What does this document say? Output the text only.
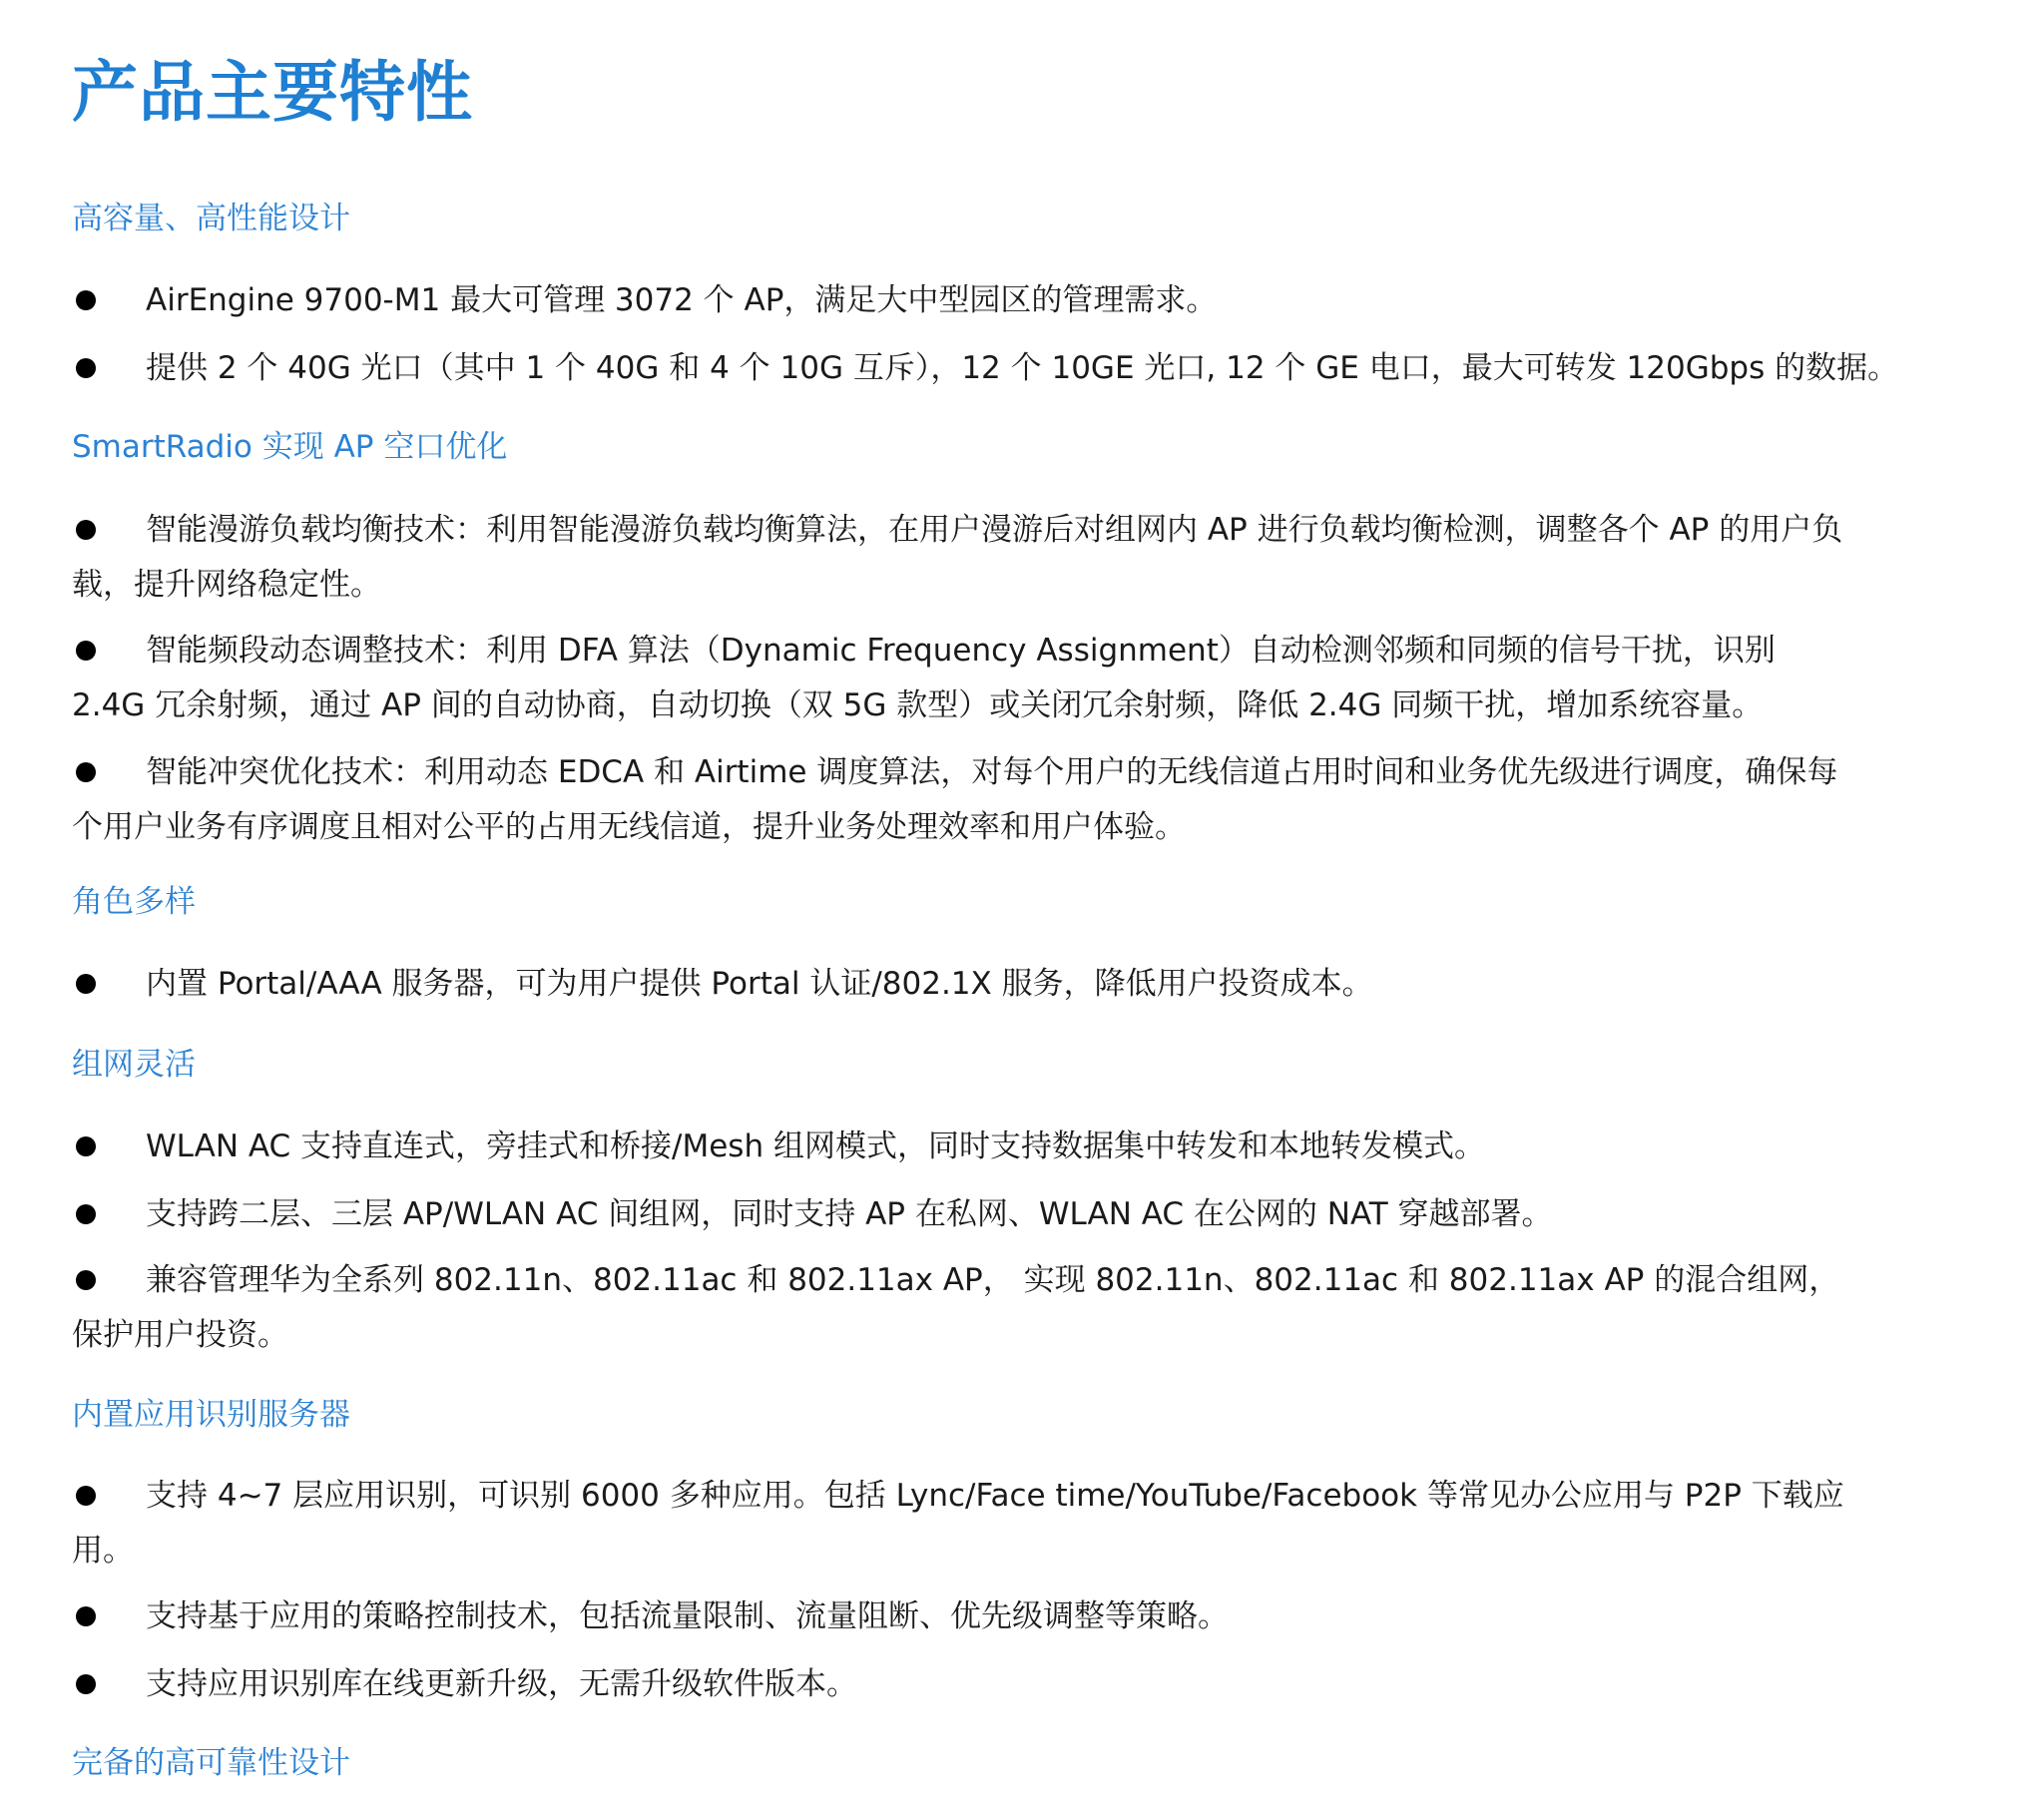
产品主要特性
高容量、高性能设计
AirEngine 9700-M1 最大可管理 3072 个 AP，满足大中型园区的管理需求。
提供 2 个 40G 光口（其中 1 个 40G 和 4 个 10G 互斥），12 个 10GE 光口, 12 个 GE 电口，最大可转发 120Gbps 的数据。
SmartRadio 实现 AP 空口优化
智能漫游负载均衡技术：利用智能漫游负载均衡算法，在用户漫游后对组网内 AP 进行负载均衡检测，调整各个 AP 的用户负载，提升网络稳定性。
智能频段动态调整技术：利用 DFA 算法（Dynamic Frequency Assignment）自动检测邻频和同频的信号干扰，识别 2.4G 冗余射频，通过 AP 间的自动协商，自动切换（双 5G 款型）或关闭冗余射频，降低 2.4G 同频干扰，增加系统容量。
智能冲突优化技术：利用动态 EDCA 和 Airtime 调度算法，对每个用户的无线信道占用时间和业务优先级进行调度，确保每个用户业务有序调度且相对公平的占用无线信道，提升业务处理效率和用户体验。
角色多样
内置 Portal/AAA 服务器，可为用户提供 Portal 认证/802.1X 服务，降低用户投资成本。
组网灵活
WLAN AC 支持直连式，旁挂式和桥接/Mesh 组网模式，同时支持数据集中转发和本地转发模式。
支持跨二层、三层 AP/WLAN AC 间组网，同时支持 AP 在私网、WLAN AC 在公网的 NAT 穿越部署。
兼容管理华为全系列 802.11n、802.11ac 和 802.11ax AP， 实现 802.11n、802.11ac 和 802.11ax AP 的混合组网，保护用户投资。
内置应用识别服务器
支持 4~7 层应用识别，可识别 6000 多种应用。包括 Lync/Face time/YouTube/Facebook 等常见办公应用与 P2P 下载应用。
支持基于应用的策略控制技术，包括流量限制、流量阻断、优先级调整等策略。
支持应用识别库在线更新升级，无需升级软件版本。
完备的高可靠性设计
